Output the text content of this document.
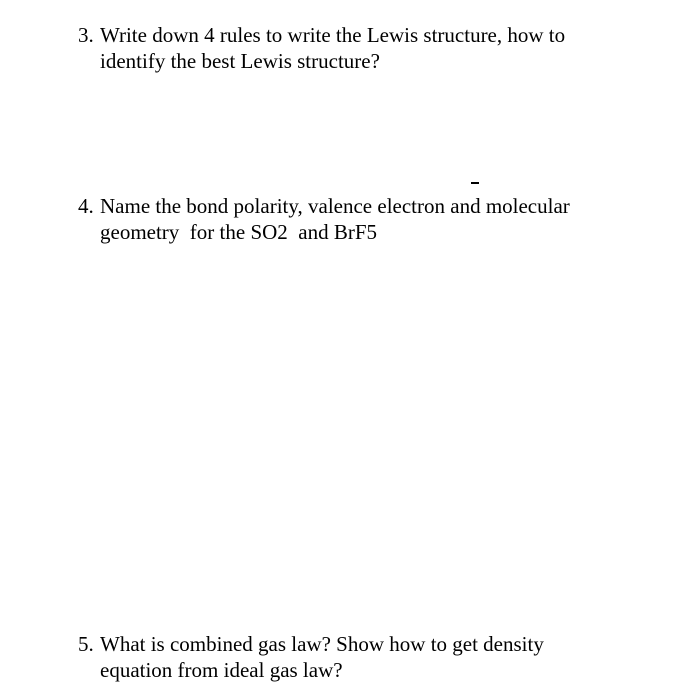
3. Write down 4 rules to write the Lewis structure, how to
identify the best Lewis structure?
4. Name the bond polarity, valence electron and molecular
geometry  for the SO2  and BrF5
5. What is combined gas law? Show how to get density
equation from ideal gas law?
